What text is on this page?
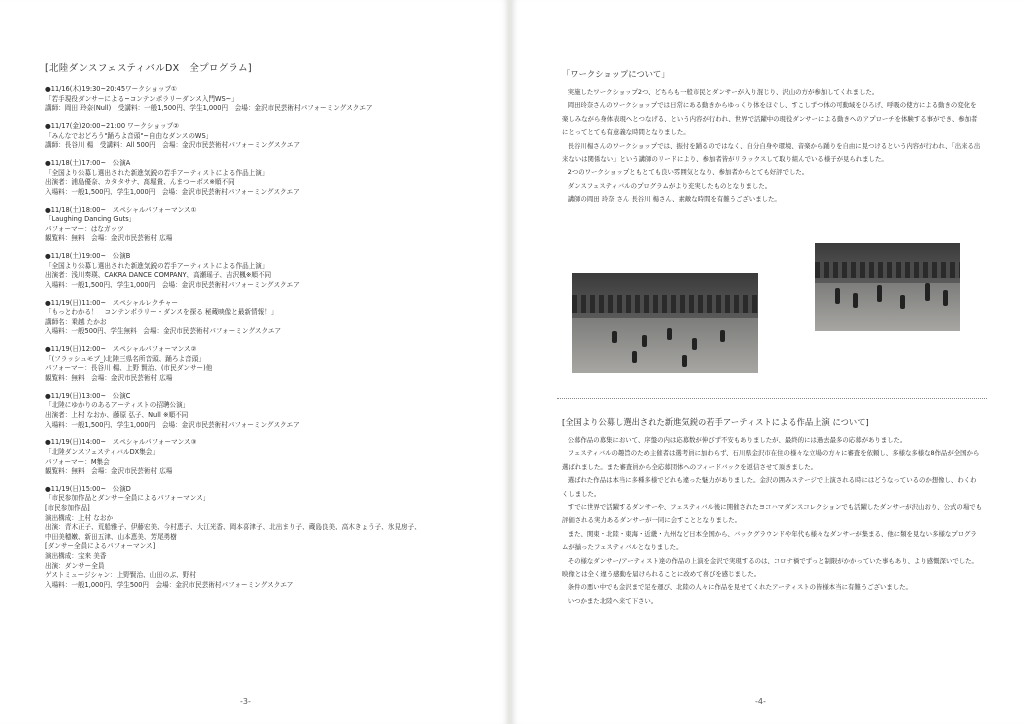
[北陸ダンスフェスティバルDX　全プログラム]
●11/16(木)19:30~20:45ワークショップ①
「若手現役ダンサーによる~コンテンポラリーダンス入門WS~」
講師：岡田 玲奈(Null)　受講料：一般1,500円、学生1,000円　会場：金沢市民芸術村パフォーミングスクエア
●11/17(金)20:00~21:00 ワークショップ②
「みんなでおどろう"踊ろよ音頭"~自由なダンスのWS」
講師：長谷川 楊　受講料：All 500円　会場：金沢市民芸術村パフォーミングスクエア
●11/18(土)17:00~　公演A
「全国より公募し選出された新進気鋭の若手アーティストによる作品上演」
出演者：浦島優奈、カタタサナ、髙堀貴、んまつーポス※順不同
入場料：一般1,500円、学生1,000円　会場：金沢市民芸術村パフォーミングスクエア
●11/18(土)18:00~　スペシャルパフォーマンス①
「Laughing Dancing Guts」
パフォーマー：はなガッツ
観覧料：無料　会場：金沢市民芸術村 広場
●11/18(土)19:00~　公演B
「全国より公募し選出された新進気鋭の若手アーティストによる作品上演」
出演者：浅川奏瑛、CAKRA DANCE COMPANY、高瀬瑶子、吉沢楓※順不同
入場料：一般1,500円、学生1,000円　会場：金沢市民芸術村パフォーミングスクエア
●11/19(日)11:00~　スペシャルレクチャー
「もっとわかる！　コンテンポラリー・ダンスを探る 秘蔵映像と最新情報！」
講師名：乗越 たかお
入場料：一般500円、学生無料　会場：金沢市民芸術村パフォーミングスクエア
●11/19(日)12:00~　スペシャルパフォーマンス②
「(フラッシュモブ_)北陸三県名所音頭、踊ろよ音頭」
パフォーマー：長谷川 楊、上野 賢治、(市民ダンサー)他
観覧料：無料　会場：金沢市民芸術村 広場
●11/19(日)13:00~　公演C
「北陸にゆかりのあるアーティストの招聘公演」
出演者：上村 なおか、藤原 弘子、Null ※順不同
入場料：一般1,500円、学生1,000円　会場：金沢市民芸術村パフォーミングスクエア
●11/19(日)14:00~　スペシャルパフォーマンス③
「北陸ダンスフェスティバルDX集会」
パフォーマー：M集会
観覧料：無料　会場：金沢市民芸術村 広場
●11/19(日)15:00~　公演D
「市民参加作品とダンサー全員によるパフォーマンス」
[市民参加作品]
演出構成：上村 なおか
出演：青木正子、荒船雅子、伊藤宏美、今村恵子、大江光香、岡本喜津子、北出まり子、蔵島良美、高木きょう子、氷見房子、
中田美穂嫩、新田五津、山本恵美、芳尾勇樹
[ダンサー全員によるパフォーマンス]
演出構成：宝来 美香
出演：ダンサー全員
ゲストミュージシャン：上野賢治、山田のぶ、野村
入場料：一般1,000円、学生500円　会場：金沢市民芸術村パフォーミングスクエア
-3-
「ワークショップについて」

実施したワークショップ2つ、どちらも一般市民とダンサーが入り混じり、沢山の方が参加してくれました。

岡田玲奈さんのワークショップでは日常にある動きからゆっくり体をほぐし、すこしずつ体の可動域をひろげ、呼吸の使方による動きの変化を楽しみながら身体表現へとつなげる、という内容が行われ、世界で活躍中の現役ダンサーによる動きへのアプローチを体験する事ができ、参加者にとってとても有意義な時間となりました。

長谷川楊さんのワークショップでは、振付を踊るのではなく、自分自身や環境、音楽から踊りを自由に見つけるという内容が行われ、「出来る出来ないは関係ない」という講師のリードにより、参加者皆がリラックスして取り組んでいる様子が見られました。

2つのワークショップともとても良い雰囲気となり、参加者からとても好評でした。

ダンスフェスティバルのプログラムがより充実したものとなりました。

講師の岡田 玲奈 さん 長谷川 楊さん、素敵な時間を有難うございました。

[全国より公募し選出された新進気鋭の若手アーティストによる作品上演 について]

公募作品の募集において、序盤の内は応募数が伸びず不安もありましたが、最終的には過去最多の応募がありました。

フェスティバルの趣旨のため主催者は選考員に加わらず、石川県金沢市在住の様々な立場の方々に審査を依頼し、多様な多様な8作品が全国から選ばれました。また審査員から全応募団体へのフィードバックを返信させて頂きました。

選ばれた作品は本当に多種多様でどれも違った魅力がありました。金沢の囲みステージで上演される時にはどうなっているのか想像し、わくわくしました。

すでに世界で活躍するダンサーや、フェスティバル後に開催されたヨコハマダンスコレクションでも活躍したダンサーが沢山おり、公式の場でも評価される実力あるダンサーが一同に会すこととなりました。

また、関東・北陸・東海・近畿・九州など日本全国から、バックグラウンドや年代も様々なダンサーが集まる、他に類を見ない多様なプログラムが揃ったフェスティバルとなりました。

その様なダンサー/アーティスト達の作品の上演を金沢で実現するのは、コロナ禍でずっと制限がかかっていた事もあり、より感慨深いでした。映像とは全く違う感動を届けられることに改めて喜びを感じました。

条件の悪い中でも金沢まで足を運び、北陸の人々に作品を見せてくれたアーティストの皆様本当に有難うございました。

いつかまた北陸へ来て下さい。

-4-
